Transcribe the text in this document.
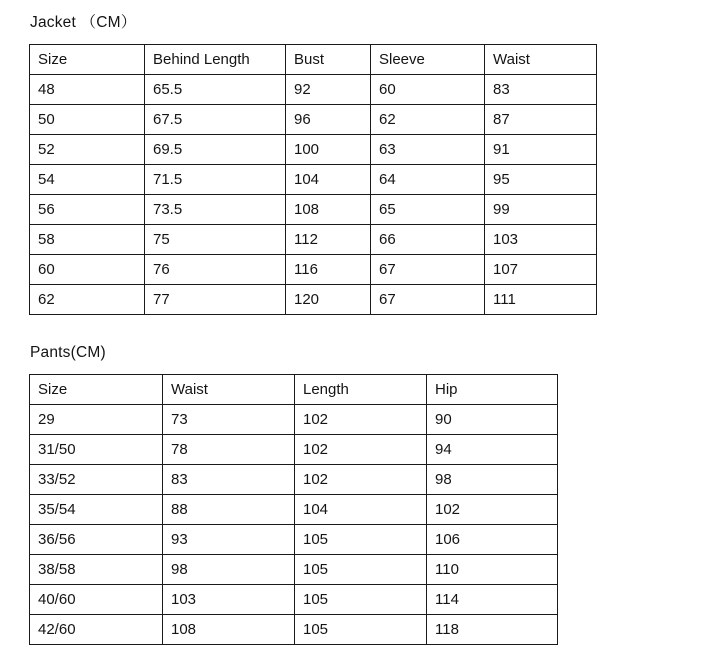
Jacket （CM）
Size	Behind Length	Bust	Sleeve	Waist
48	65.5	92	60	83
50	67.5	96	62	87
52	69.5	100	63	91
54	71.5	104	64	95
56	73.5	108	65	99
58	75	112	66	103
60	76	116	67	107
62	77	120	67	111
Pants(CM)
Size	Waist	Length	Hip
29	73	102	90
31/50	78	102	94
33/52	83	102	98
35/54	88	104	102
36/56	93	105	106
38/58	98	105	110
40/60	103	105	114
42/60	108	105	118
